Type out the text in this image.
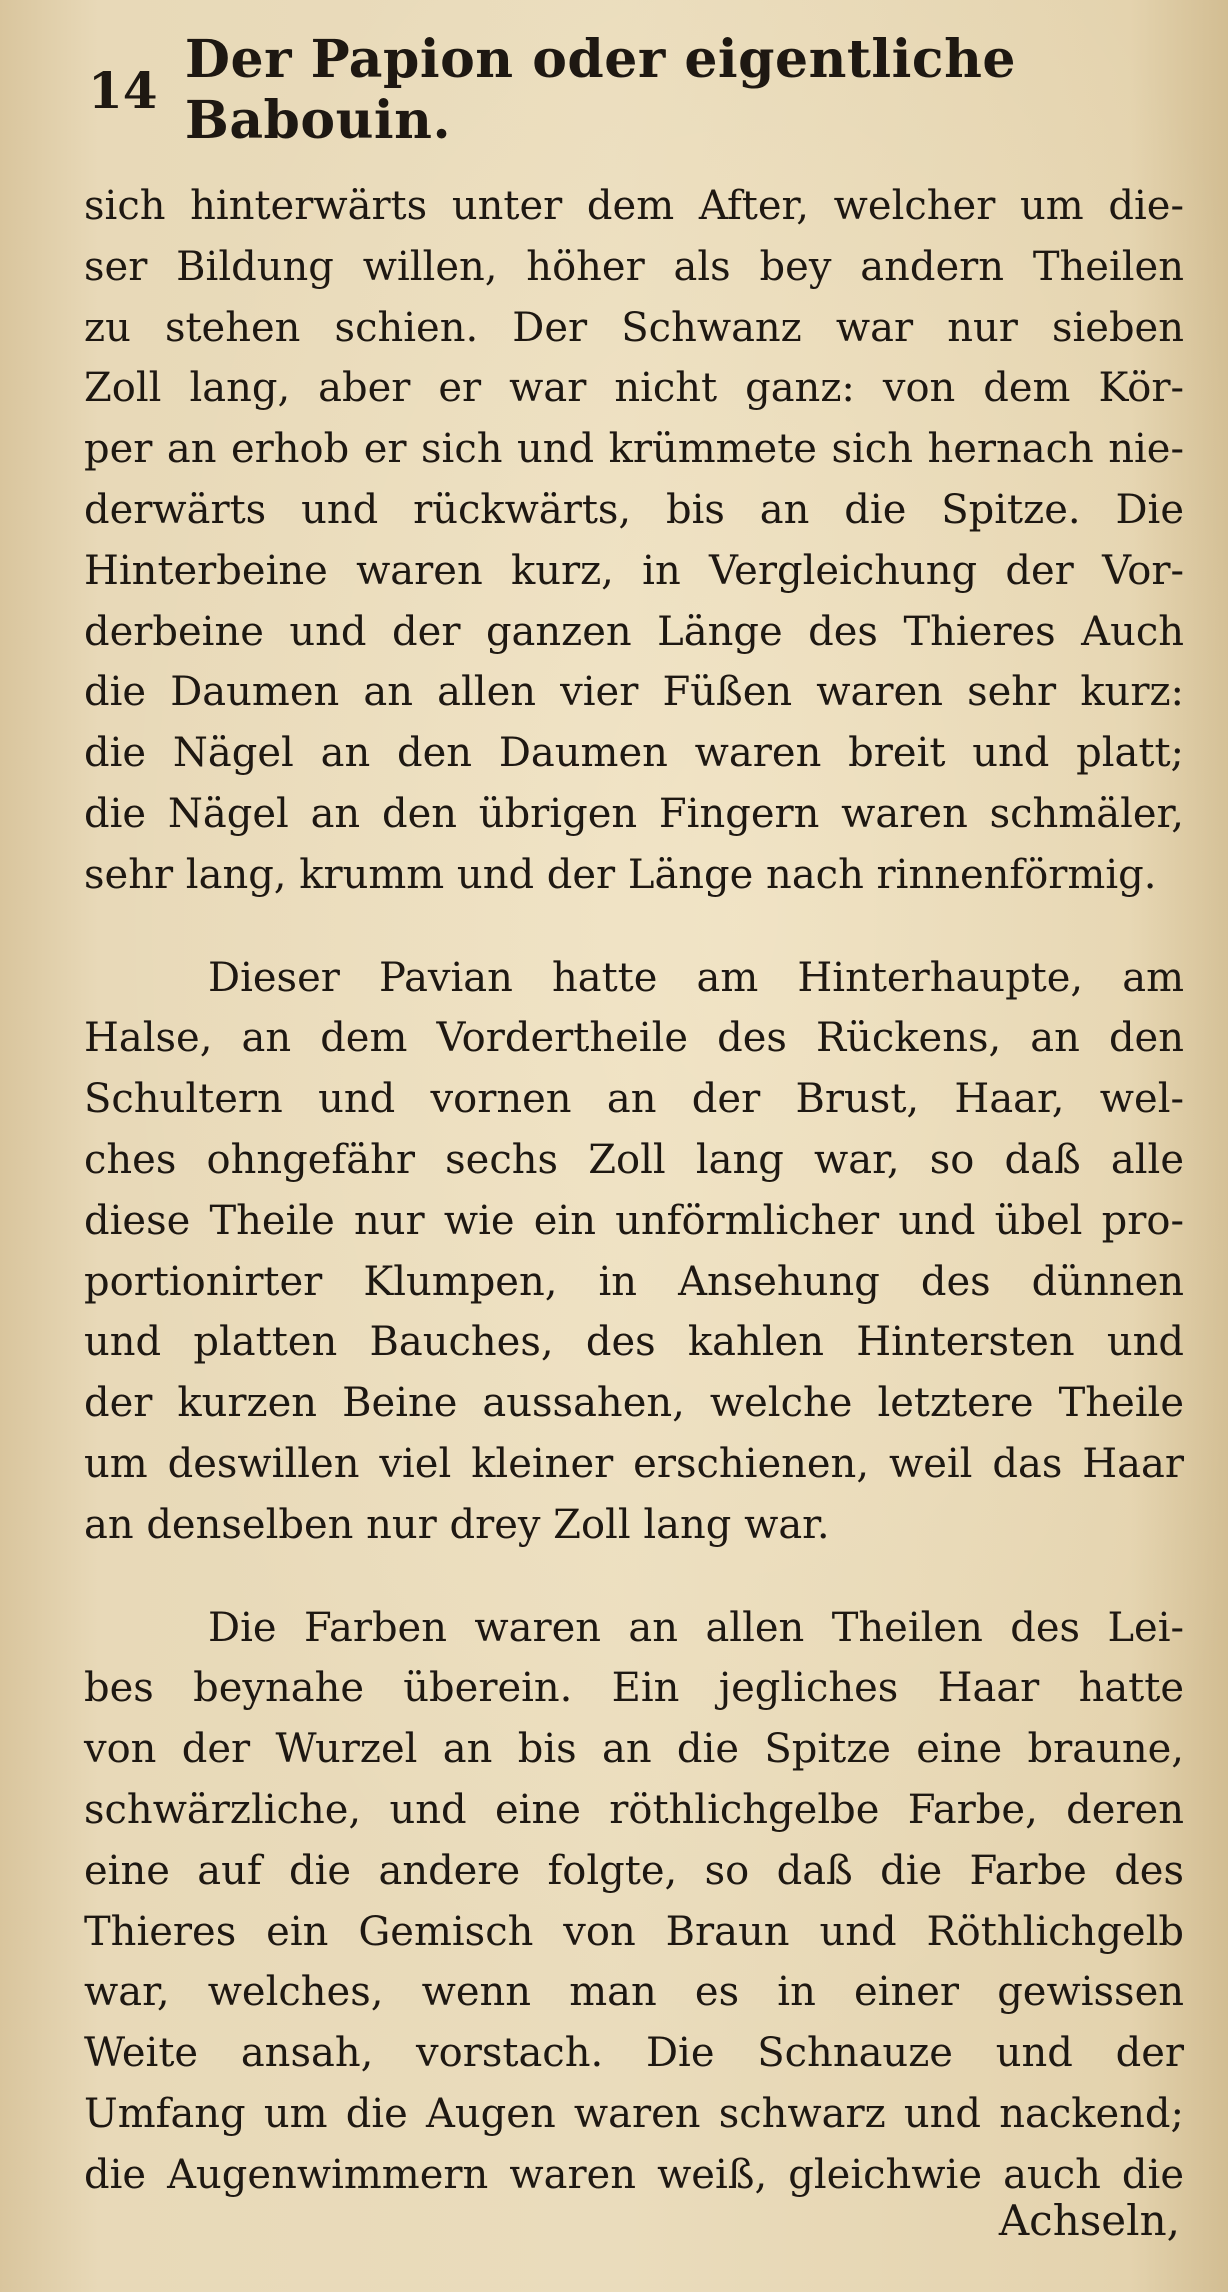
14 Der Papion oder eigentliche Babouin.
sich hinterwärts unter dem After, welcher um die-
ser Bildung willen, höher als bey andern Theilen
zu stehen schien. Der Schwanz war nur sieben
Zoll lang, aber er war nicht ganz: von dem Kör-
per an erhob er sich und krümmete sich hernach nie-
derwärts und rückwärts, bis an die Spitze. Die
Hinterbeine waren kurz, in Vergleichung der Vor-
derbeine und der ganzen Länge des Thieres Auch
die Daumen an allen vier Füßen waren sehr kurz:
die Nägel an den Daumen waren breit und platt;
die Nägel an den übrigen Fingern waren schmäler,
sehr lang, krumm und der Länge nach rinnenförmig.
Dieser Pavian hatte am Hinterhaupte, am
Halse, an dem Vordertheile des Rückens, an den
Schultern und vornen an der Brust, Haar, wel-
ches ohngefähr sechs Zoll lang war, so daß alle
diese Theile nur wie ein unförmlicher und übel pro-
portionirter Klumpen, in Ansehung des dünnen
und platten Bauches, des kahlen Hintersten und
der kurzen Beine aussahen, welche letztere Theile
um deswillen viel kleiner erschienen, weil das Haar
an denselben nur drey Zoll lang war.
Die Farben waren an allen Theilen des Lei-
bes beynahe überein. Ein jegliches Haar hatte
von der Wurzel an bis an die Spitze eine braune,
schwärzliche, und eine röthlichgelbe Farbe, deren
eine auf die andere folgte, so daß die Farbe des
Thieres ein Gemisch von Braun und Röthlichgelb
war, welches, wenn man es in einer gewissen
Weite ansah, vorstach. Die Schnauze und der
Umfang um die Augen waren schwarz und nackend;
die Augenwimmern waren weiß, gleichwie auch die
Achseln,
